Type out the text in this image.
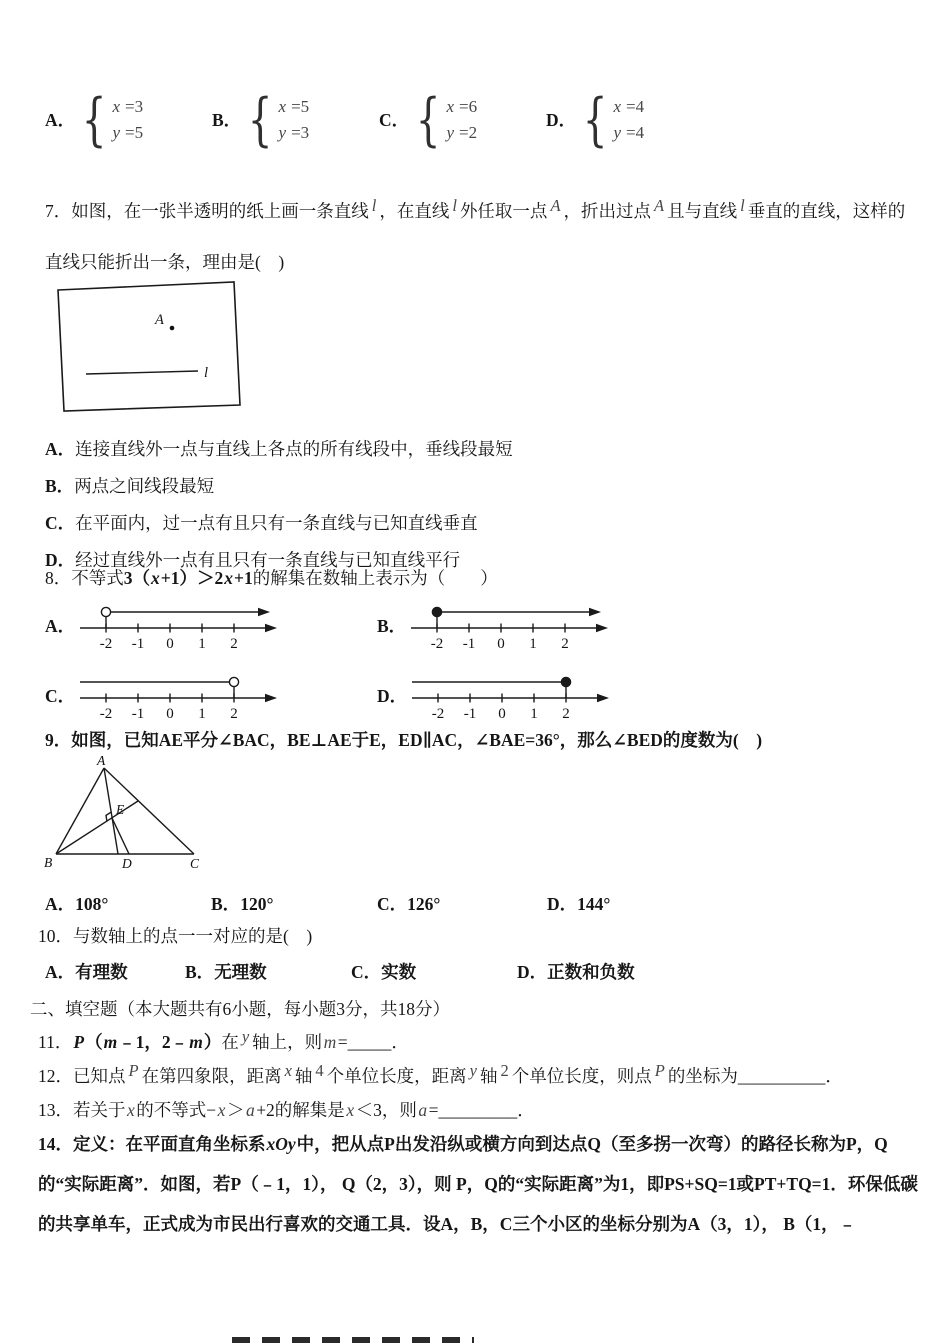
A． { x =3
y =5
B． { x =5
y =3
C． { x =6
y =2
D． { x =4
y =4

7．如图，在一张半透明的纸上画一条直线 l ，在直线 l 外任取一点 A ，折出过点 A 且与直线 l 垂直的直线，这样的直线只能折出一条，理由是(　)

A
l

A．连接直线外一点与直线上各点的所有线段中，垂线段最短

B．两点之间线段最短

C．在平面内，过一点有且只有一条直线与已知直线垂直

D．经过直线外一点有且只有一条直线与已知直线平行

8．不等式3（x+1）＞2x+1的解集在数轴上表示为（　　）

A．
-2 -1 0 1 2
B．
-2 -1 0 1 2
C．
-2 -1 0 1 2
D．
-2 -1 0 1 2

9．如图，已知AE平分∠BAC，BE⊥AE于E，ED∥AC，∠BAE=36°，那么∠BED的度数为(　)

A
B	C
D
E
A．108°	B．120°	C．126°	D．144°

10．与数轴上的点一一对应的是(　)

A．有理数	B．无理数	C．实数	D．正数和负数

二、填空题（本大题共有6小题，每小题3分，共18分）

11．P（m﹣1，2﹣m）在 y 轴上，则m=_____．

12．已知点 P 在第四象限，距离 x 轴 4 个单位长度，距离 y 轴 2 个单位长度，则点 P 的坐标为__________．

13．若关于x的不等式−x＞a+2的解集是x＜3，则a=_________．

14．定义：在平面直角坐标系xOy中，把从点P出发沿纵或横方向到达点Q（至多拐一次弯）的路径长称为P，Q的“实际距离”．如图，若P（﹣1，1）， Q（2，3），则 P，Q的“实际距离”为1，即PS+SQ=1或PT+TQ=1．环保低碳的共享单车，正式成为市民出行喜欢的交通工具．设A，B，C三个小区的坐标分别为A（3，1）， B（1，﹣
